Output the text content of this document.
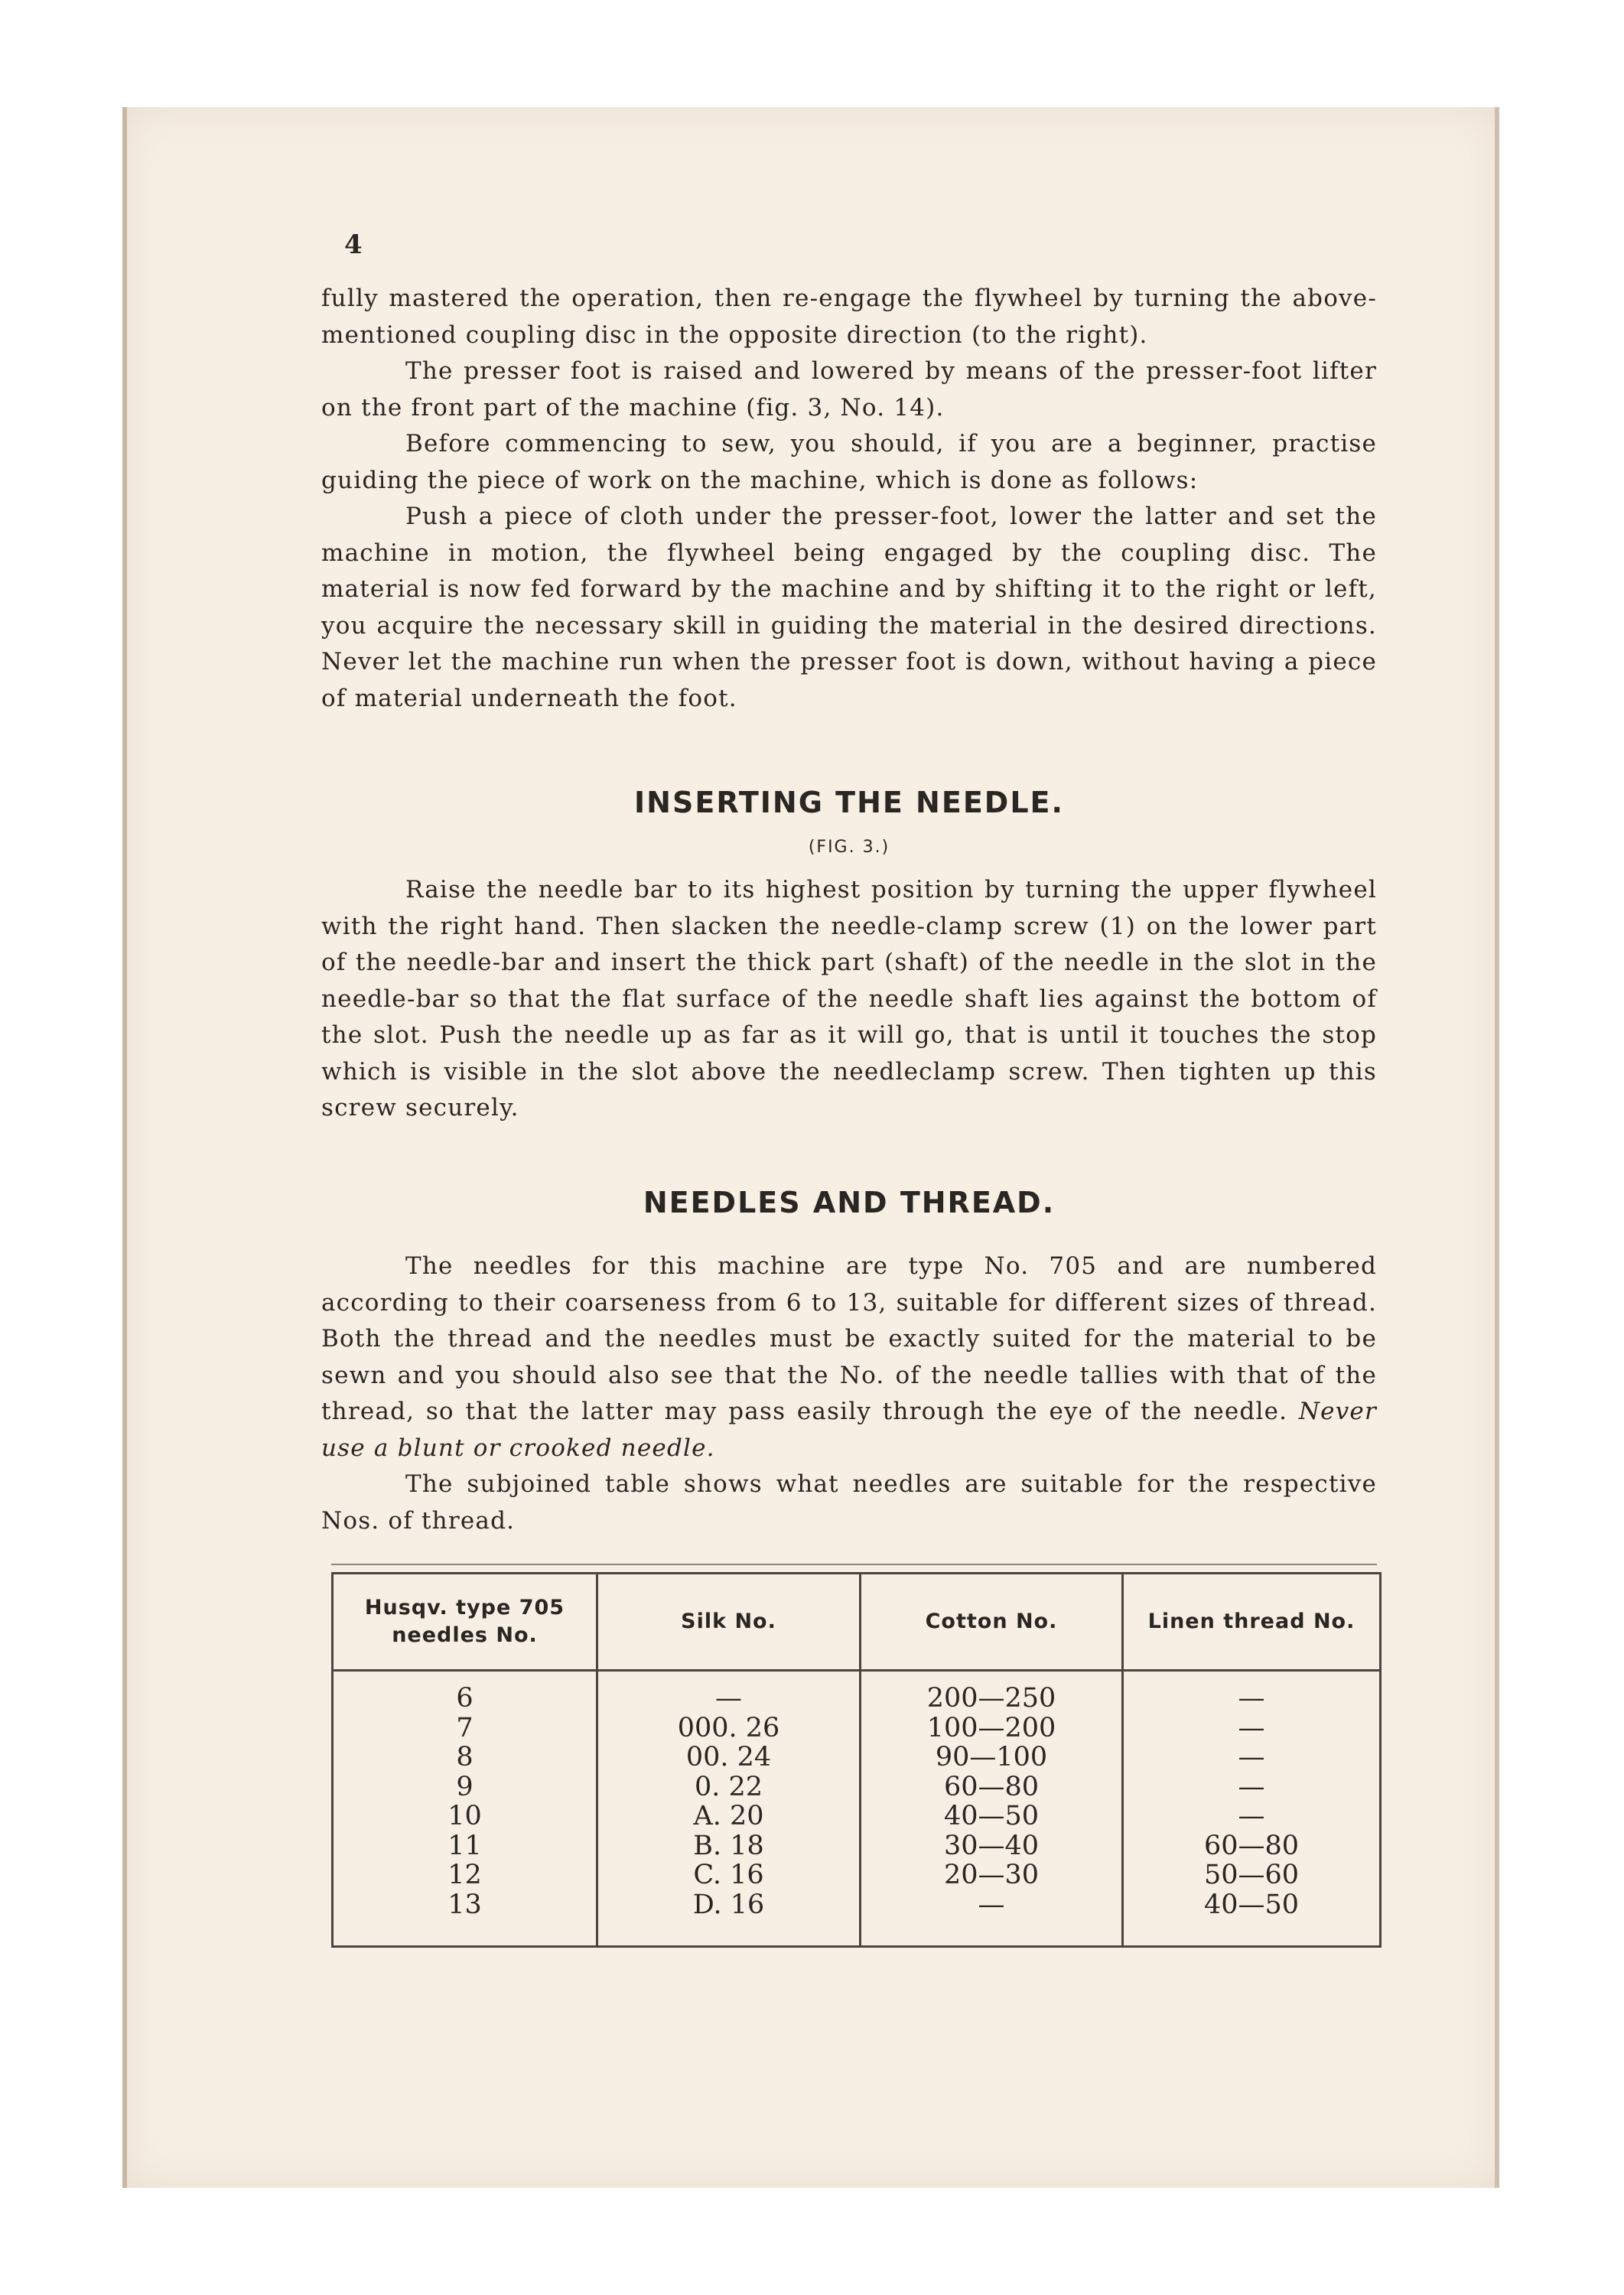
4

fully mastered the operation, then re-engage the flywheel by turning the above-mentioned coupling disc in the opposite direction (to the right).

The presser foot is raised and lowered by means of the presser-foot lifter on the front part of the machine (fig. 3, No. 14).

Before commencing to sew, you should, if you are a beginner, practise guiding the piece of work on the machine, which is done as follows:

Push a piece of cloth under the presser-foot, lower the latter and set the machine in motion, the flywheel being engaged by the coupling disc. The material is now fed forward by the machine and by shifting it to the right or left, you acquire the necessary skill in guiding the material in the desired directions. Never let the machine run when the presser foot is down, without having a piece of material underneath the foot.

INSERTING THE NEEDLE.
(FIG. 3.)

Raise the needle bar to its highest position by turning the upper flywheel with the right hand. Then slacken the needle-clamp screw (1) on the lower part of the needle-bar and insert the thick part (shaft) of the needle in the slot in the needle-bar so that the flat surface of the needle shaft lies against the bottom of the slot. Push the needle up as far as it will go, that is until it touches the stop which is visible in the slot above the needleclamp screw. Then tighten up this screw securely.

NEEDLES AND THREAD.

The needles for this machine are type No. 705 and are numbered according to their coarseness from 6 to 13, suitable for different sizes of thread. Both the thread and the needles must be exactly suited for the material to be sewn and you should also see that the No. of the needle tallies with that of the thread, so that the latter may pass easily through the eye of the needle. Never use a blunt or crooked needle.

The subjoined table shows what needles are suitable for the respective Nos. of thread.

Husqv. type 705 needles No.
Silk No.	Cotton No.	Linen thread No.
6
7
8
9
10
11
12
13
—
000. 26
00. 24
0. 22
A. 20
B. 18
C. 16
D. 16
200—250
100—200
90—100
60—80
40—50
30—40
20—30
—
—
—
—
—
—
60—80
50—60
40—50
